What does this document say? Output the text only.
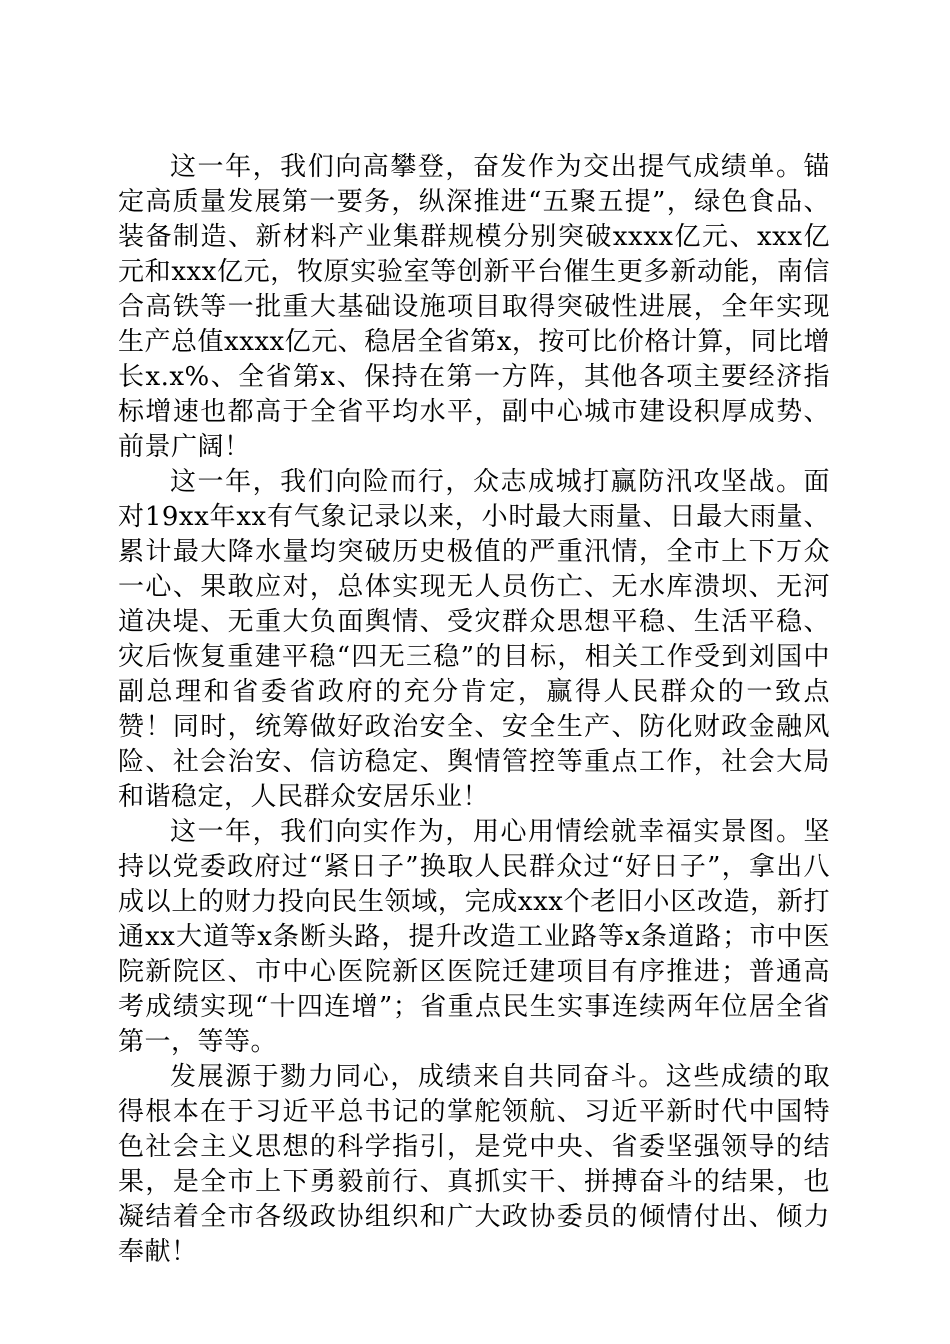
这一年，我们向高攀登，奋发作为交出提气成绩单。锚定高质量发展第一要务，纵深推进“五聚五提”，绿色食品、装备制造、新材料产业集群规模分别突破xxxx亿元、xxx亿元和xxx亿元，牧原实验室等创新平台催生更多新动能，南信合高铁等一批重大基础设施项目取得突破性进展，全年实现生产总值xxxx亿元、稳居全省第x，按可比价格计算，同比增长x.x%、全省第x、保持在第一方阵，其他各项主要经济指标增速也都高于全省平均水平，副中心城市建设积厚成势、前景广阔！

这一年，我们向险而行，众志成城打赢防汛攻坚战。面对19xx年xx有气象记录以来，小时最大雨量、日最大雨量、累计最大降水量均突破历史极值的严重汛情，全市上下万众一心、果敢应对，总体实现无人员伤亡、无水库溃坝、无河道决堤、无重大负面舆情、受灾群众思想平稳、生活平稳、灾后恢复重建平稳“四无三稳”的目标，相关工作受到刘国中副总理和省委省政府的充分肯定，赢得人民群众的一致点赞！同时，统筹做好政治安全、安全生产、防化财政金融风险、社会治安、信访稳定、舆情管控等重点工作，社会大局和谐稳定，人民群众安居乐业！

这一年，我们向实作为，用心用情绘就幸福实景图。坚持以党委政府过“紧日子”换取人民群众过“好日子”，拿出八成以上的财力投向民生领域，完成xxx个老旧小区改造，新打通xx大道等x条断头路，提升改造工业路等x条道路；市中医院新院区、市中心医院新区医院迁建项目有序推进；普通高考成绩实现“十四连增”；省重点民生实事连续两年位居全省第一，等等。

发展源于勠力同心，成绩来自共同奋斗。这些成绩的取得根本在于习近平总书记的掌舵领航、习近平新时代中国特色社会主义思想的科学指引，是党中央、省委坚强领导的结果，是全市上下勇毅前行、真抓实干、拼搏奋斗的结果，也凝结着全市各级政协组织和广大政协委员的倾情付出、倾力奉献！
